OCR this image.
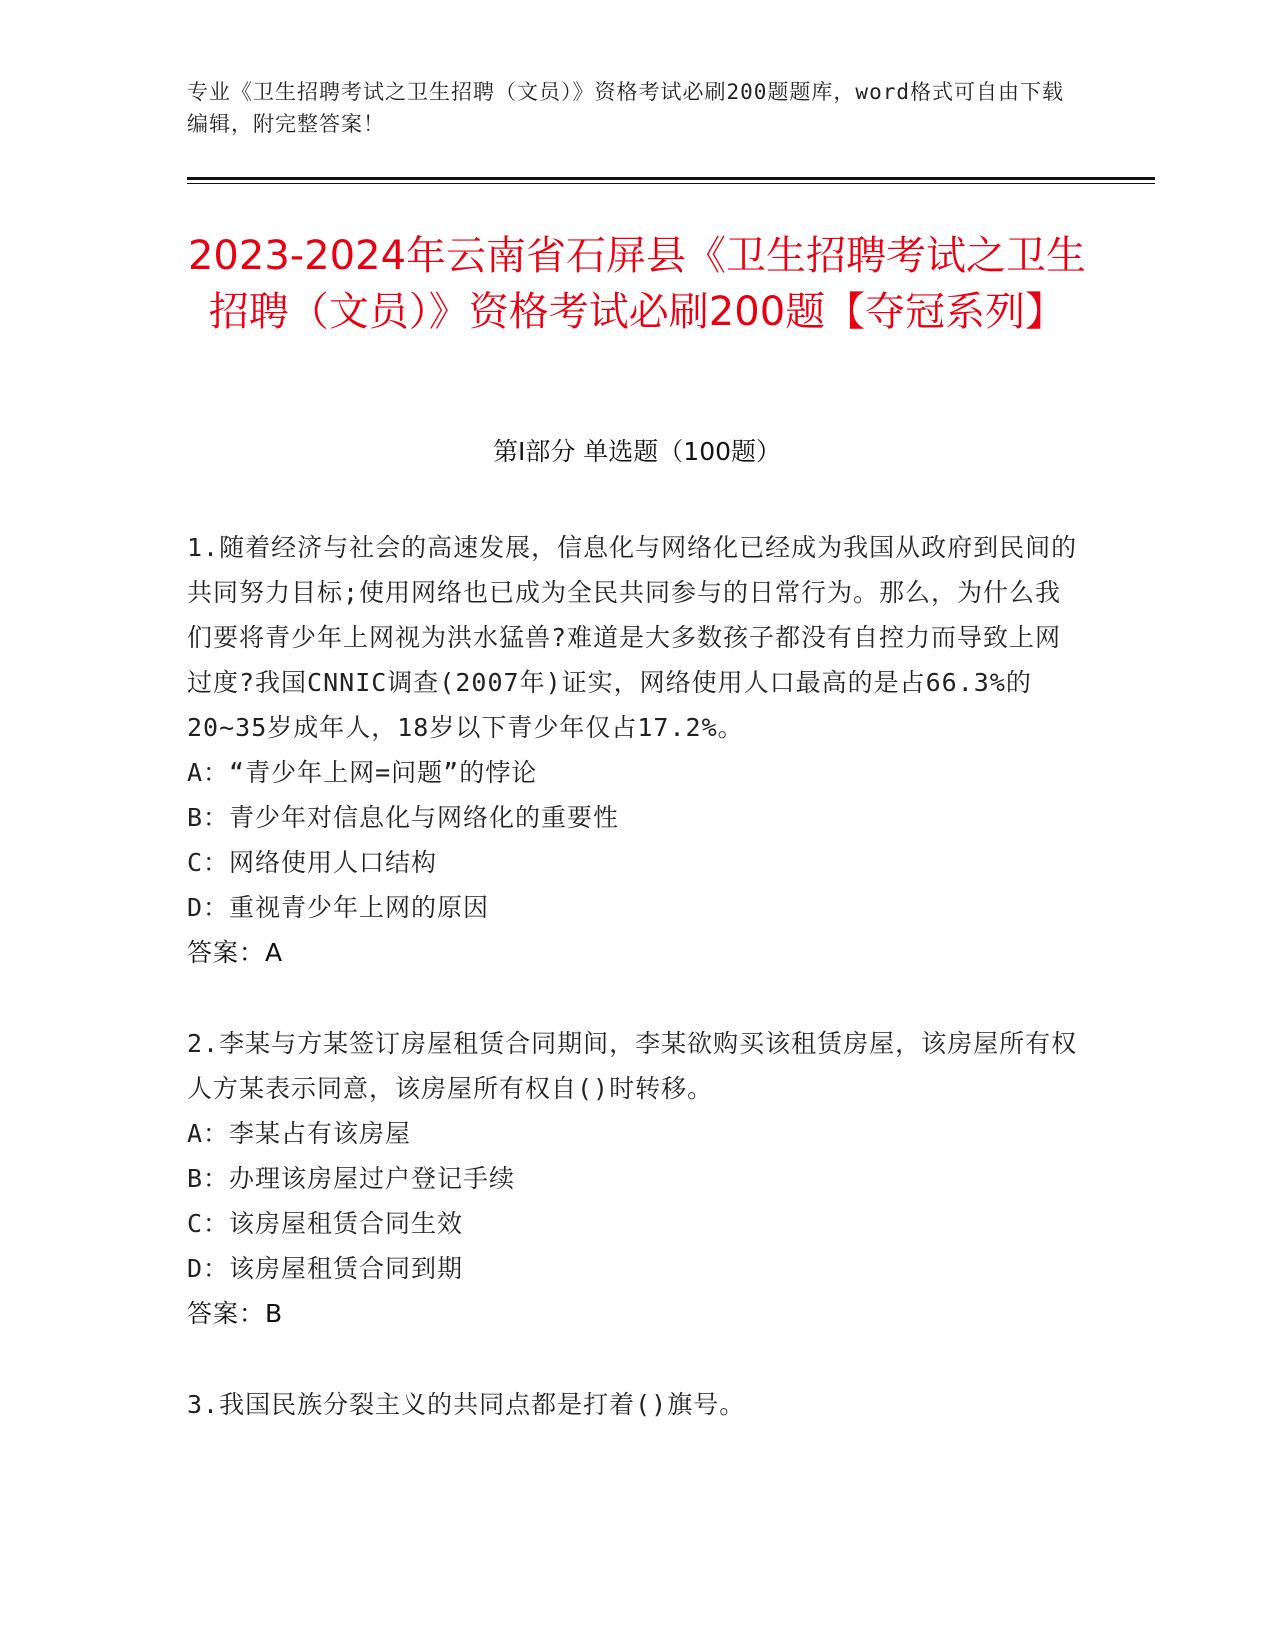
专业《卫生招聘考试之卫生招聘（文员）》资格考试必刷200题题库，word格式可自由下载编辑，附完整答案！
2023-2024年云南省石屏县《卫生招聘考试之卫生招聘（文员）》资格考试必刷200题【夺冠系列】
第I部分 单选题（100题）

1.随着经济与社会的高速发展，信息化与网络化已经成为我国从政府到民间的共同努力目标;使用网络也已成为全民共同参与的日常行为。那么，为什么我们要将青少年上网视为洪水猛兽?难道是大多数孩子都没有自控力而导致上网过度?我国CNNIC调查(2007年)证实，网络使用人口最高的是占66.3%的20~35岁成年人，18岁以下青少年仅占17.2%。

A：“青少年上网=问题”的悖论

B：青少年对信息化与网络化的重要性

C：网络使用人口结构

D：重视青少年上网的原因

答案：A

2.李某与方某签订房屋租赁合同期间，李某欲购买该租赁房屋，该房屋所有权人方某表示同意，该房屋所有权自()时转移。

A：李某占有该房屋

B：办理该房屋过户登记手续

C：该房屋租赁合同生效

D：该房屋租赁合同到期

答案：B

3.我国民族分裂主义的共同点都是打着()旗号。
